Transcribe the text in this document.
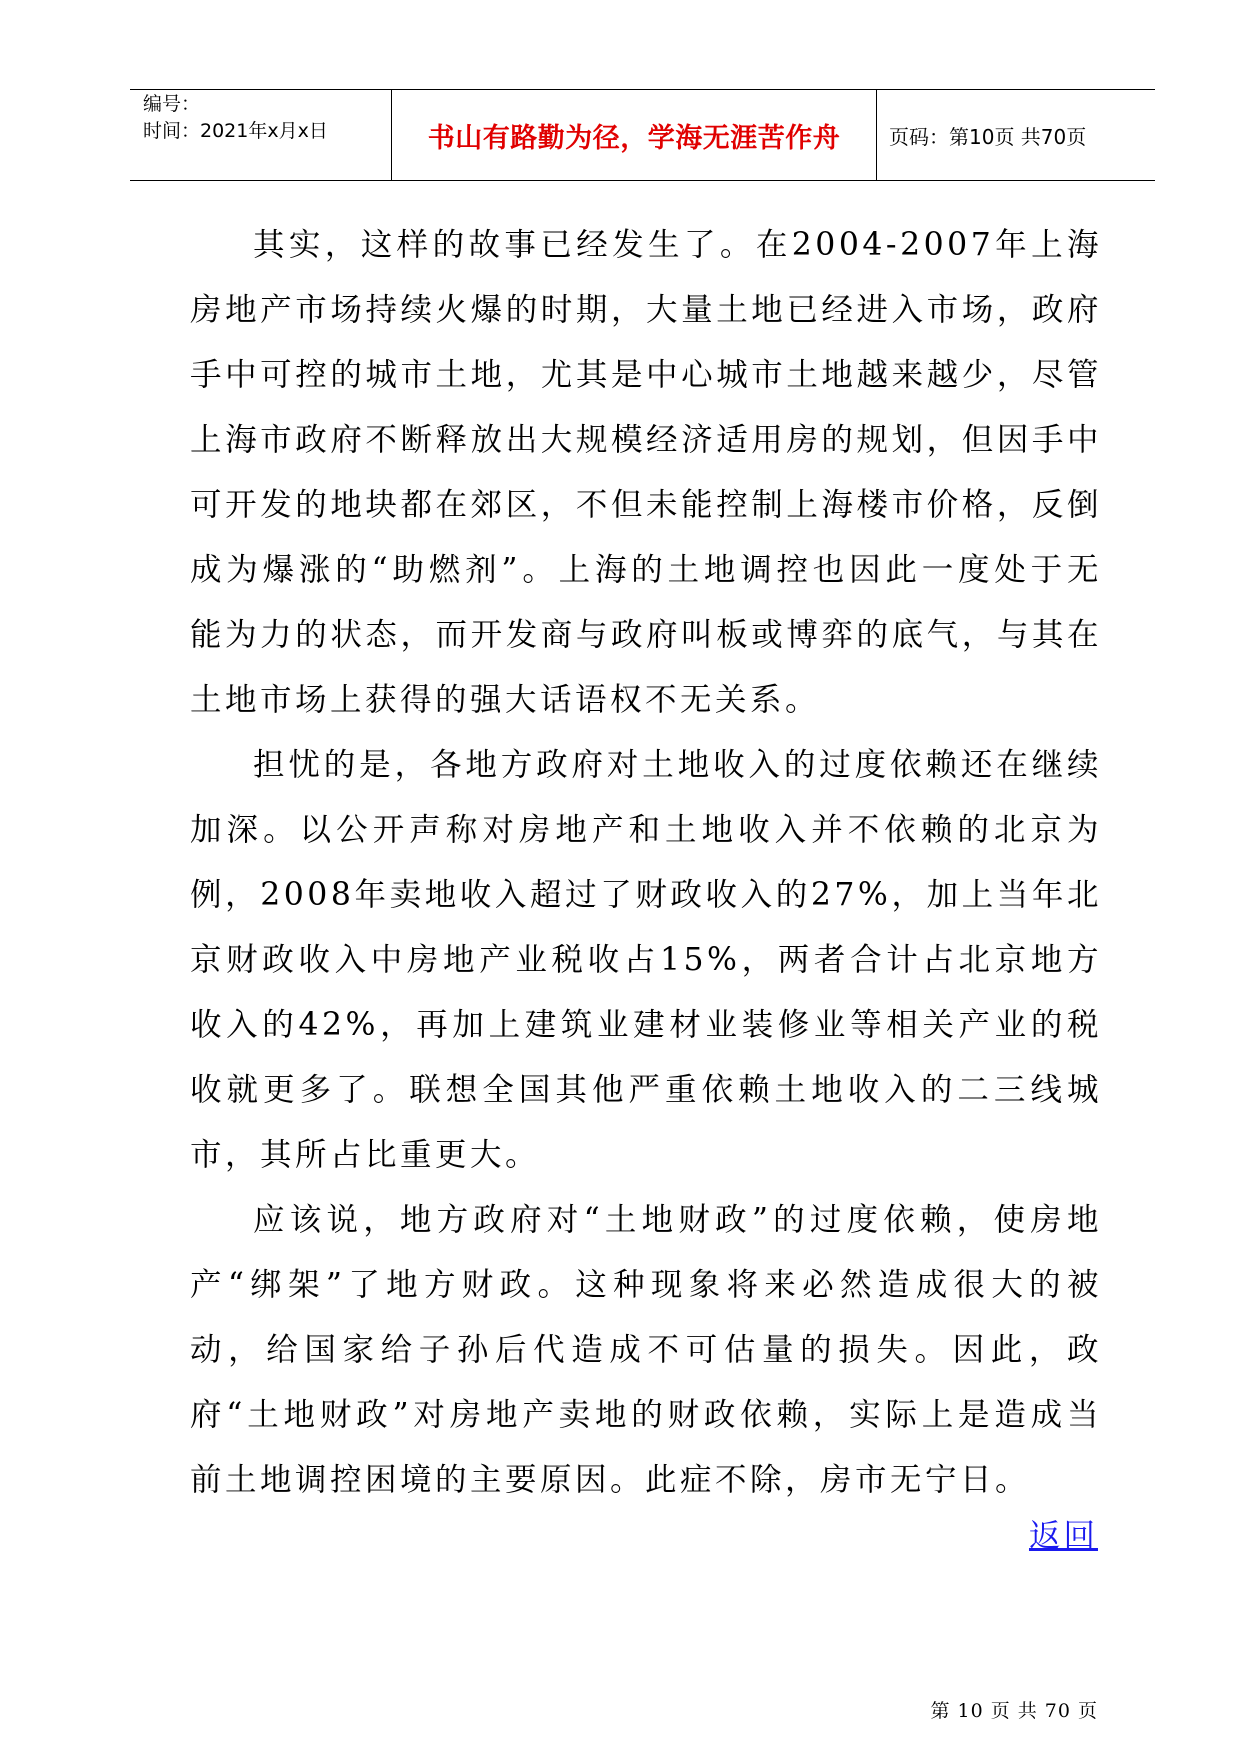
编号：
时间：2021年x月x日	书山有路勤为径，学海无涯苦作舟 页码：第10页 共70页

其实，这样的故事已经发生了。在2004-2007年上海房地产市场持续火爆的时期，大量土地已经进入市场，政府手中可控的城市土地，尤其是中心城市土地越来越少，尽管上海市政府不断释放出大规模经济适用房的规划，但因手中可开发的地块都在郊区，不但未能控制上海楼市价格，反倒成为爆涨的“助燃剂”。上海的土地调控也因此一度处于无能为力的状态，而开发商与政府叫板或博弈的底气，与其在土地市场上获得的强大话语权不无关系。

担忧的是，各地方政府对土地收入的过度依赖还在继续加深。以公开声称对房地产和土地收入并不依赖的北京为例，2008年卖地收入超过了财政收入的27%，加上当年北京财政收入中房地产业税收占15%，两者合计占北京地方收入的42%，再加上建筑业建材业装修业等相关产业的税收就更多了。联想全国其他严重依赖土地收入的二三线城市，其所占比重更大。

应该说，地方政府对“土地财政”的过度依赖，使房地产“绑架”了地方财政。这种现象将来必然造成很大的被动，给国家给子孙后代造成不可估量的损失。因此，政府“土地财政”对房地产卖地的财政依赖，实际上是造成当前土地调控困境的主要原因。此症不除，房市无宁日。

返回
第 10 页 共 70 页
